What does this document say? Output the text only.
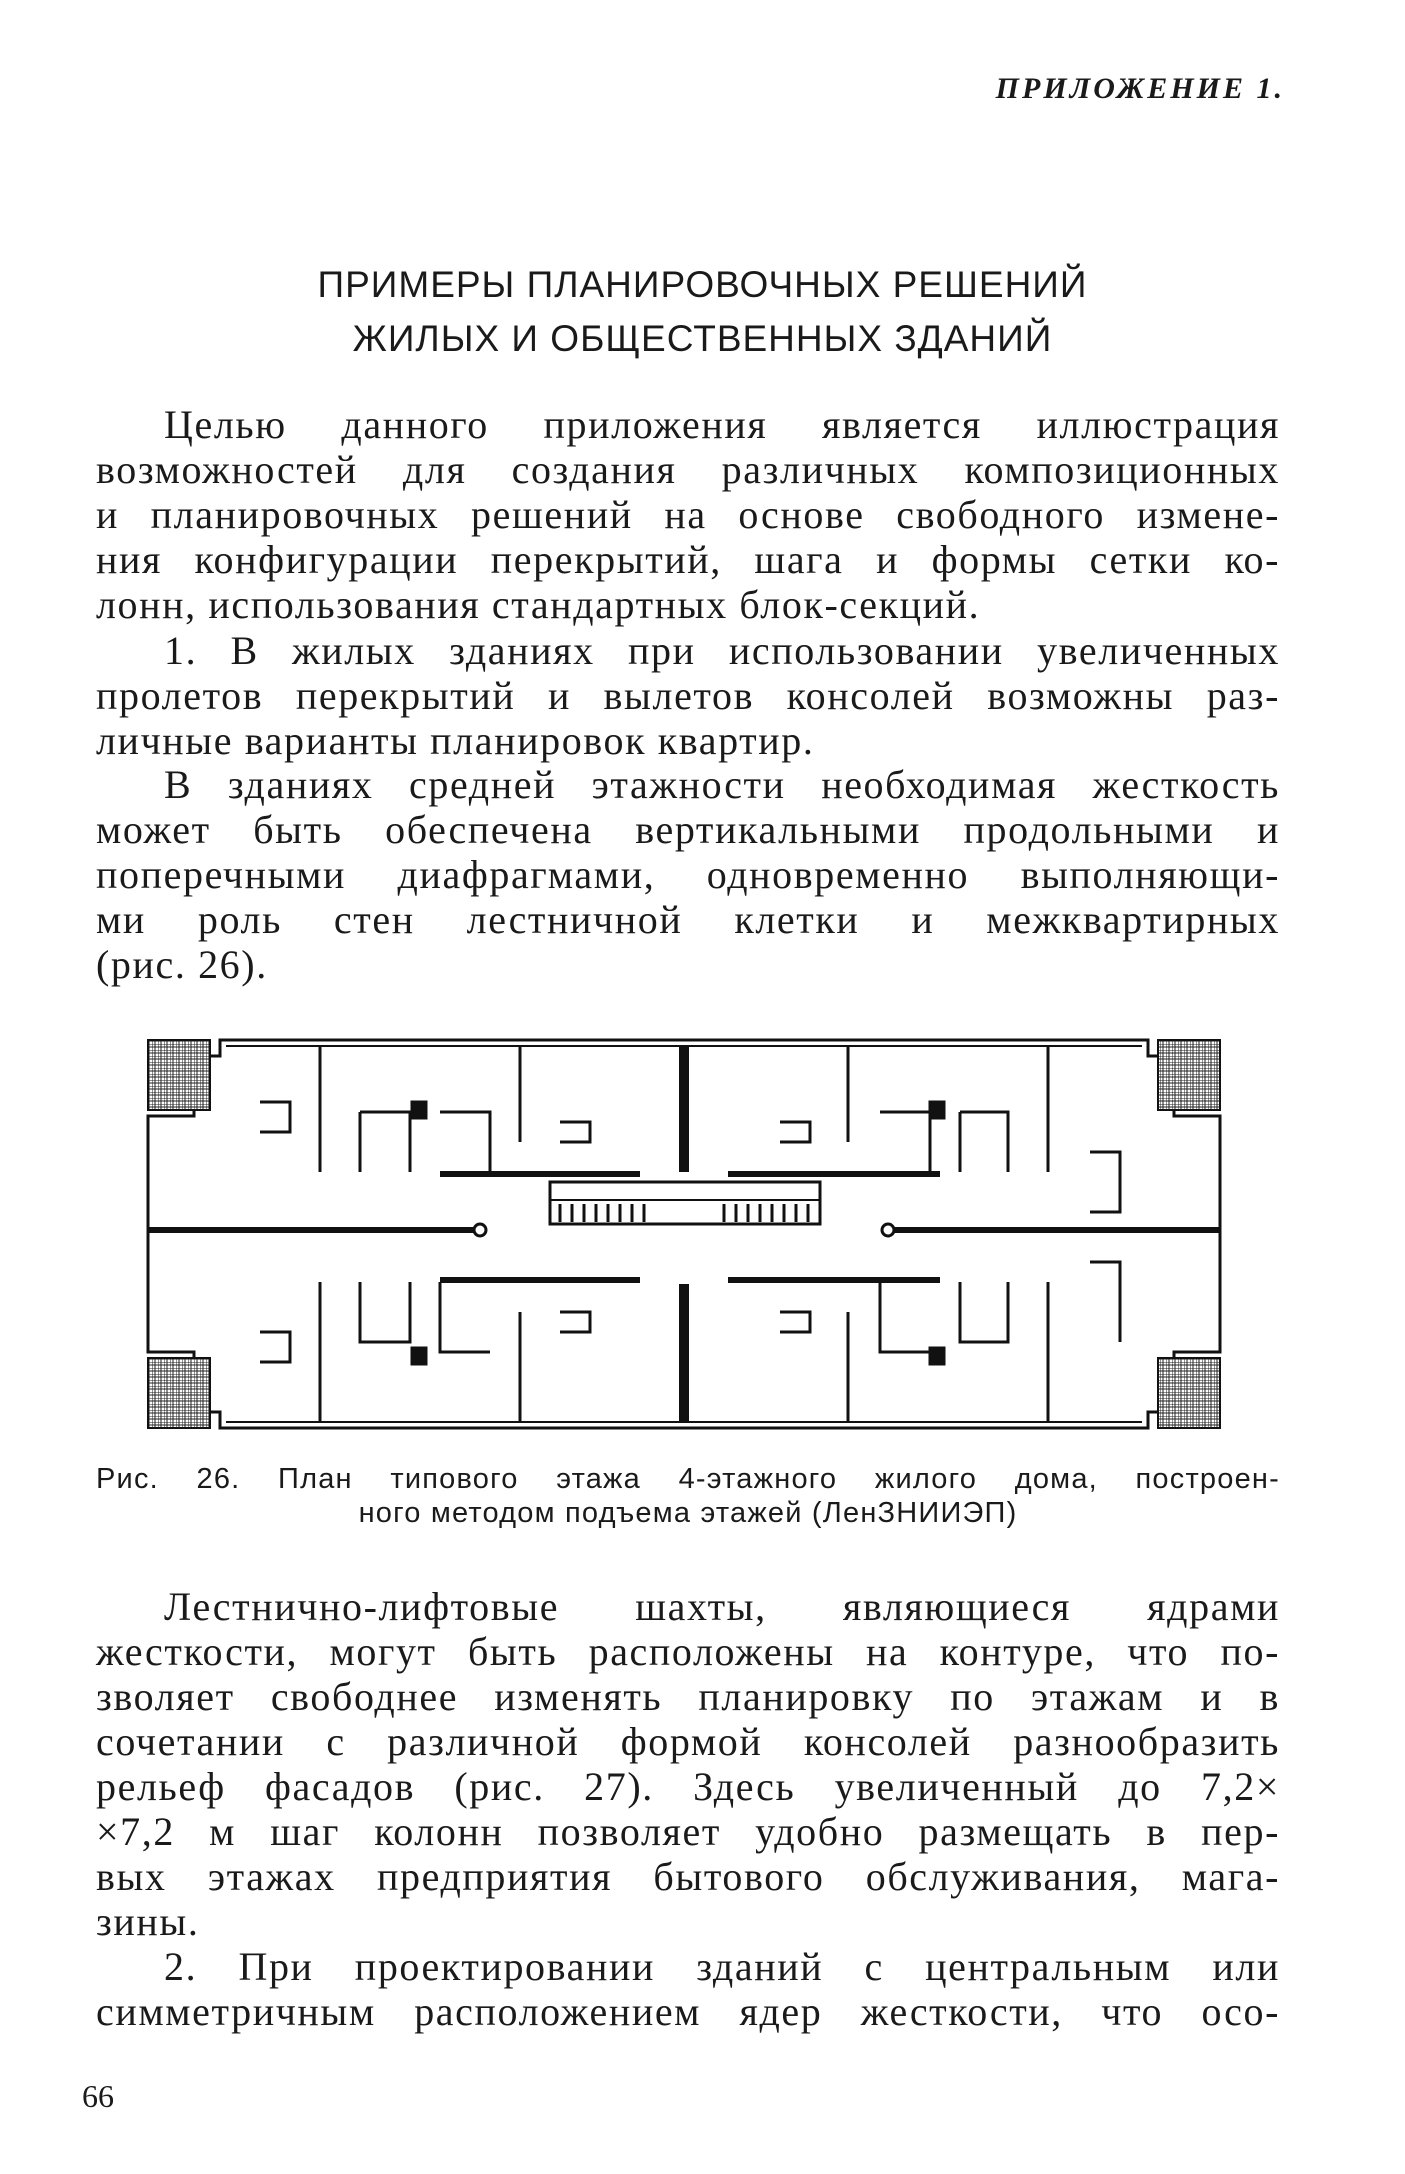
ПРИЛОЖЕНИЕ 1.
ПРИМЕРЫ ПЛАНИРОВОЧНЫХ РЕШЕНИЙ
ЖИЛЫХ И ОБЩЕСТВЕННЫХ ЗДАНИЙ
Целью данного приложения является иллюстрация
возможностей для создания различных композиционных
и планировочных решений на основе свободного измене-
ния конфигурации перекрытий, шага и формы сетки ко-
лонн, использования стандартных блок-секций.
1. В жилых зданиях при использовании увеличенных
пролетов перекрытий и вылетов консолей возможны раз-
личные варианты планировок квартир.
В зданиях средней этажности необходимая жесткость
может быть обеспечена вертикальными продольными и
поперечными диафрагмами, одновременно выполняющи-
ми роль стен лестничной клетки и межквартирных
(рис. 26).
Рис. 26. План типового этажа 4-этажного жилого дома, построен-
ного методом подъема этажей (ЛенЗНИИЭП)
Лестнично-лифтовые шахты, являющиеся ядрами
жесткости, могут быть расположены на контуре, что по-
зволяет свободнее изменять планировку по этажам и в
сочетании с различной формой консолей разнообразить
рельеф фасадов (рис. 27). Здесь увеличенный до 7,2×
×7,2 м шаг колонн позволяет удобно размещать в пер-
вых этажах предприятия бытового обслуживания, мага-
зины.
2. При проектировании зданий с центральным или
симметричным расположением ядер жесткости, что осо-
66
